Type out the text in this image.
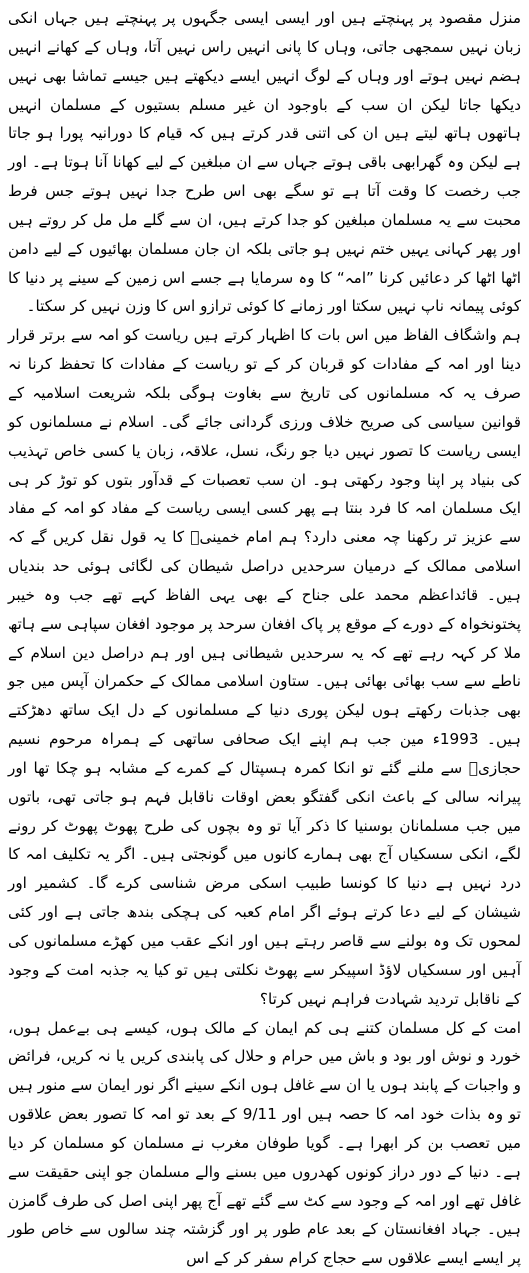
منزل مقصود پر پہنچتے ہیں اور ایسی ایسی جگہوں پر پہنچتے ہیں جہاں انکی زبان نہیں سمجھی جاتی، وہاں کا پانی انہیں راس نہیں آتا، وہاں کے کھانے انہیں ہضم نہیں ہوتے اور وہاں کے لوگ انہیں ایسے دیکھتے ہیں جیسے تماشا بھی نہیں دیکھا جاتا لیکن ان سب کے باوجود ان غیر مسلم بستیوں کے مسلمان انہیں ہاتھوں ہاتھ لیتے ہیں ان کی اتنی قدر کرتے ہیں کہ قیام کا دورانیہ پورا ہو جاتا ہے لیکن وہ گھرابھی باقی ہوتے جہاں سے ان مبلغین کے لیے کھانا آنا ہوتا ہے۔ اور جب رخصت کا وقت آتا ہے تو سگے بھی اس طرح جدا نہیں ہوتے جس فرط محبت سے یہ مسلمان مبلغین کو جدا کرتے ہیں، ان سے گلے مل مل کر روتے ہیں اور پھر کہانی یہیں ختم نہیں ہو جاتی بلکہ ان جان مسلمان بھائیوں کے لیے دامن اٹھا اٹھا کر دعائیں کرنا ”امہ“ کا وہ سرمایا ہے جسے اس زمین کے سینے پر دنیا کا کوئی پیمانہ ناپ نہیں سکتا اور زمانے کا کوئی ترازو اس کا وزن نہیں کر سکتا۔

ہم واشگاف الفاظ میں اس بات کا اظہار کرتے ہیں ریاست کو امہ سے برتر قرار دینا اور امہ کے مفادات کو قربان کر کے تو ریاست کے مفادات کا تحفظ کرنا نہ صرف یہ کہ مسلمانوں کی تاریخ سے بغاوت ہوگی بلکہ شریعت اسلامیہ کے قوانین سیاسی کی صریح خلاف ورزی گردانی جائے گی۔ اسلام نے مسلمانوں کو ایسی ریاست کا تصور نہیں دیا جو رنگ، نسل، علاقہ، زبان یا کسی خاص تہذیب کی بنیاد پر اپنا وجود رکھتی ہو۔ ان سب تعصبات کے قدآور بتوں کو توڑ کر ہی ایک مسلمان امہ کا فرد بنتا ہے پھر کسی ایسی ریاست کے مفاد کو امہ کے مفاد سے عزیز تر رکھنا چہ معنی دارد؟ ہم امام خمینیؒ کا یہ قول نقل کریں گے کہ اسلامی ممالک کے درمیان سرحدیں دراصل شیطان کی لگائی ہوئی حد بندیاں ہیں۔ قائداعظم محمد علی جناح کے بھی یہی الفاظ کہے تھے جب وہ خیبر پختونخواہ کے دورے کے موقع پر پاک افغان سرحد پر موجود افغان سپاہی سے ہاتھ ملا کر کہہ رہے تھے کہ یہ سرحدیں شیطانی ہیں اور ہم دراصل دین اسلام کے ناطے سے سب بھائی بھائی ہیں۔ ستاون اسلامی ممالک کے حکمران آپس میں جو بھی جذبات رکھتے ہوں لیکن پوری دنیا کے مسلمانوں کے دل ایک ساتھ دھڑکتے ہیں۔ 1993ء مین جب ہم اپنے ایک صحافی ساتھی کے ہمراہ مرحوم نسیم حجازیؒ سے ملنے گئے تو انکا کمرہ ہسپتال کے کمرے کے مشابہ ہو چکا تھا اور پیرانہ سالی کے باعث انکی گفتگو بعض اوقات ناقابل فہم ہو جاتی تھی، باتوں میں جب مسلمانان بوسنیا کا ذکر آیا تو وہ بچوں کی طرح پھوٹ پھوٹ کر رونے لگے، انکی سسکیاں آج بھی ہمارے کانوں میں گونجتی ہیں۔ اگر یہ تکلیف امہ کا درد نہیں ہے دنیا کا کونسا طبیب اسکی مرض شناسی کرے گا۔ کشمیر اور شیشان کے لیے دعا کرتے ہوئے اگر امام کعبہ کی ہچکی بندھ جاتی ہے اور کئی لمحوں تک وہ بولنے سے قاصر رہتے ہیں اور انکے عقب میں کھڑے مسلمانوں کی آہیں اور سسکیاں لاؤڈ اسپیکر سے پھوٹ نکلتی ہیں تو کیا یہ جذبہ امت کے وجود کے ناقابل تردید شہادت فراہم نہیں کرتا؟

امت کے کل مسلمان کتنے ہی کم ایمان کے مالک ہوں، کیسے ہی بےعمل ہوں، خورد و نوش اور بود و باش میں حرام و حلال کی پابندی کریں یا نہ کریں، فرائض و واجبات کے پابند ہوں یا ان سے غافل ہوں انکے سینے اگر نور ایمان سے منور ہیں تو وہ بذات خود امہ کا حصہ ہیں اور 9/11 کے بعد تو امہ کا تصور بعض علاقوں میں تعصب بن کر ابھرا ہے۔ گویا طوفان مغرب نے مسلمان کو مسلمان کر دیا ہے۔ دنیا کے دور دراز کونوں کھدروں میں بسنے والے مسلمان جو اپنی حقیقت سے غافل تھے اور امہ کے وجود سے کٹ سے گئے تھے آج پھر اپنی اصل کی طرف گامزن ہیں۔ جہاد افغانستان کے بعد عام طور پر اور گزشتہ چند سالوں سے خاص طور پر ایسے ایسے علاقوں سے حجاج کرام سفر کر کے اس
